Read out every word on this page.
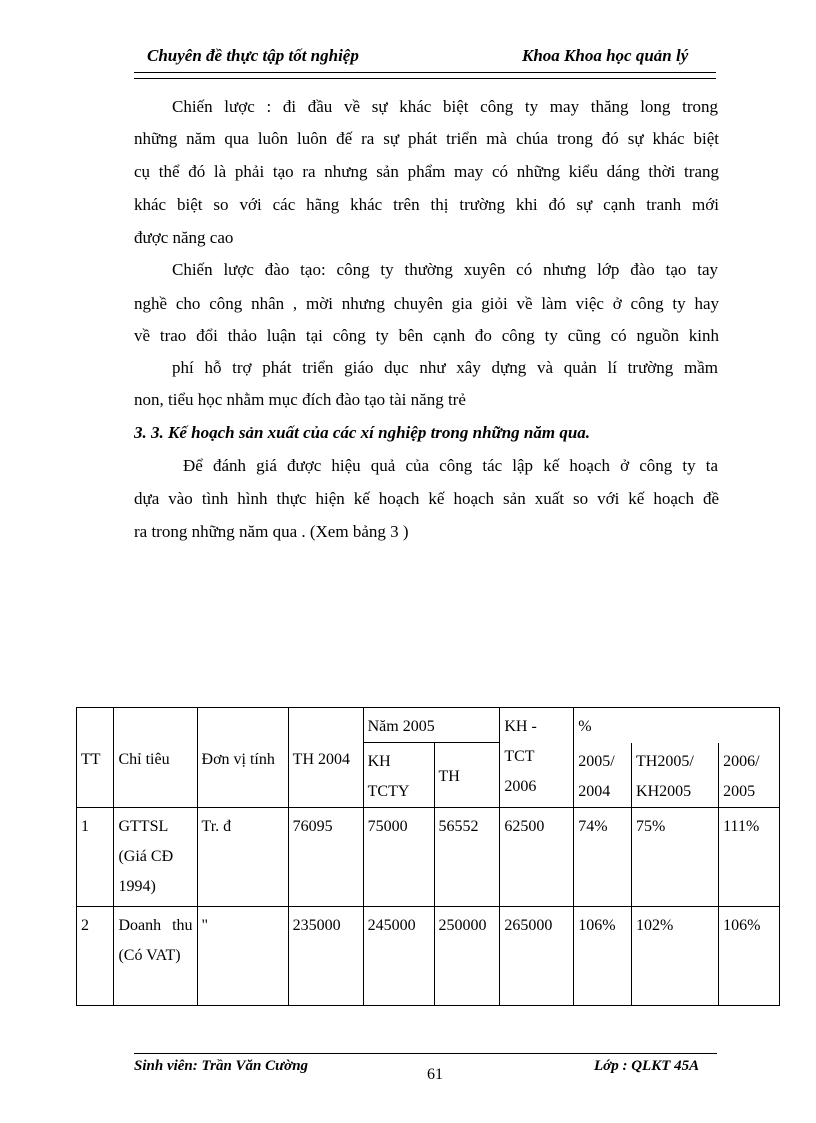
Chuyên đề thực tập tốt nghiệp	Khoa Khoa học quản lý
Chiến lược : đi đầu về sự khác biệt công ty may thăng long trong
những năm qua luôn luôn đế ra sự phát triển mà chúa trong đó sự khác biệt
cụ thể đó là phải tạo ra nhưng sản phẩm may có những kiểu dáng thời trang
khác biệt so với các hãng khác trên thị trường khi đó sự cạnh tranh mới
được năng cao
Chiến lược đào tạo: công ty thường xuyên có nhưng lớp đào tạo tay
nghề cho công nhân , mời nhưng chuyên gia giỏi về làm việc ở công ty hay
về trao đổi thảo luận tại công ty bên cạnh đo công ty cũng có nguồn kinh
phí hỗ trợ phát triển giáo dục như xây dựng và quản lí trường mầm
non, tiểu học nhằm mục đích đào tạo tài năng trẻ
3. 3. Kế hoạch sản xuất của các xí nghiệp trong những năm qua.
Để đánh giá được hiệu quả của công tác lập kế hoạch ở công ty ta
dựa vào tình hình thực hiện kế hoạch kế hoạch sản xuất so với kế hoạch đề
ra trong những năm qua . (Xem bảng 3 )
TT	Chỉ tiêu	Đơn vị tính	TH 2004	Năm 2005		KH - TCT 2006	%		
				KH TCTY	TH		2005/ 2004	TH2005/ KH2005	2006/ 2005
1	GTTSL (Giá CĐ 1994)	Tr. đ	76095	75000	56552	62500	74%	75%	111%
2	Doanh thu (Có VAT)	"	235000	245000	250000	265000	106%	102%	106%
Sinh viên: Trần Văn Cường	61	Lớp : QLKT 45A
